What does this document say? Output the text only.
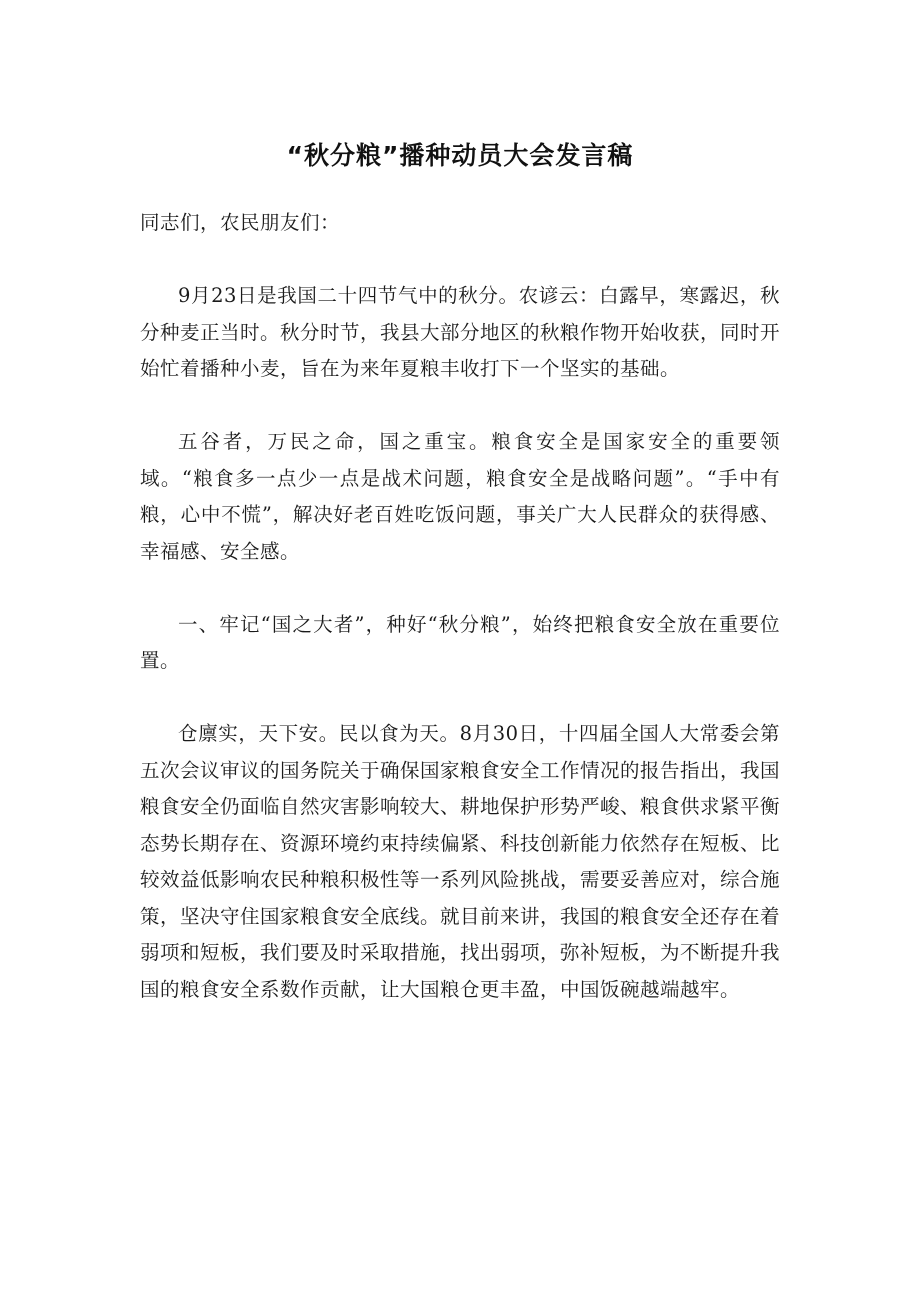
“秋分粮”播种动员大会发言稿

同志们，农民朋友们：

9月23日是我国二十四节气中的秋分。农谚云：白露早，寒露迟，秋分种麦正当时。秋分时节，我县大部分地区的秋粮作物开始收获，同时开始忙着播种小麦，旨在为来年夏粮丰收打下一个坚实的基础。

五谷者，万民之命，国之重宝。粮食安全是国家安全的重要领域。“粮食多一点少一点是战术问题，粮食安全是战略问题”。“手中有粮，心中不慌”，解决好老百姓吃饭问题，事关广大人民群众的获得感、幸福感、安全感。

一、牢记“国之大者”，种好“秋分粮”，始终把粮食安全放在重要位置。

仓廪实，天下安。民以食为天。8月30日，十四届全国人大常委会第五次会议审议的国务院关于确保国家粮食安全工作情况的报告指出，我国粮食安全仍面临自然灾害影响较大、耕地保护形势严峻、粮食供求紧平衡态势长期存在、资源环境约束持续偏紧、科技创新能力依然存在短板、比较效益低影响农民种粮积极性等一系列风险挑战，需要妥善应对，综合施策，坚决守住国家粮食安全底线。就目前来讲，我国的粮食安全还存在着弱项和短板，我们要及时采取措施，找出弱项，弥补短板，为不断提升我国的粮食安全系数作贡献，让大国粮仓更丰盈，中国饭碗越端越牢。
